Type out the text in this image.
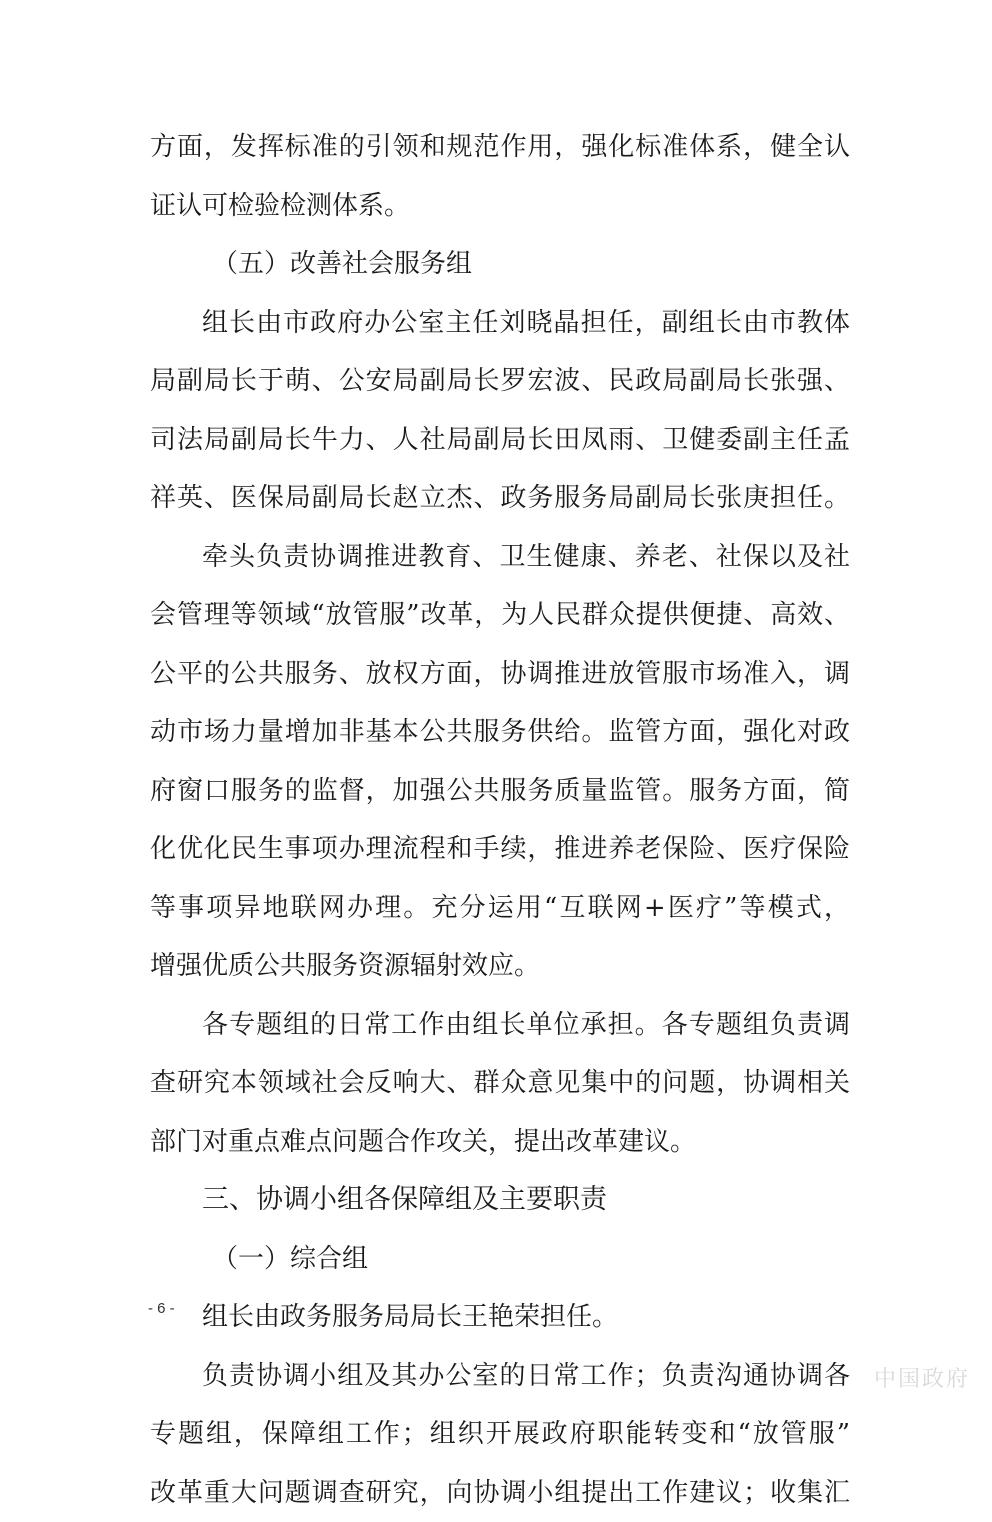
方面，发挥标准的引领和规范作用，强化标准体系，健全认
证认可检验检测体系。
（五）改善社会服务组
组长由市政府办公室主任刘晓晶担任，副组长由市教体
局副局长于萌、公安局副局长罗宏波、民政局副局长张强、
司法局副局长牛力、人社局副局长田凤雨、卫健委副主任孟
祥英、医保局副局长赵立杰、政务服务局副局长张庚担任。
牵头负责协调推进教育、卫生健康、养老、社保以及社
会管理等领域“放管服”改革，为人民群众提供便捷、高效、
公平的公共服务、放权方面，协调推进放管服市场准入，调
动市场力量增加非基本公共服务供给。监管方面，强化对政
府窗口服务的监督，加强公共服务质量监管。服务方面，简
化优化民生事项办理流程和手续，推进养老保险、医疗保险
等事项异地联网办理。充分运用“互联网+医疗”等模式，
增强优质公共服务资源辐射效应。
各专题组的日常工作由组长单位承担。各专题组负责调
查研究本领域社会反响大、群众意见集中的问题，协调相关
部门对重点难点问题合作攻关，提出改革建议。
三、协调小组各保障组及主要职责
（一）综合组
组长由政务服务局局长王艳荣担任。
负责协调小组及其办公室的日常工作；负责沟通协调各
专题组，保障组工作；组织开展政府职能转变和“放管服”
改革重大问题调查研究，向协调小组提出工作建议；收集汇
- 6 -
中国政府
